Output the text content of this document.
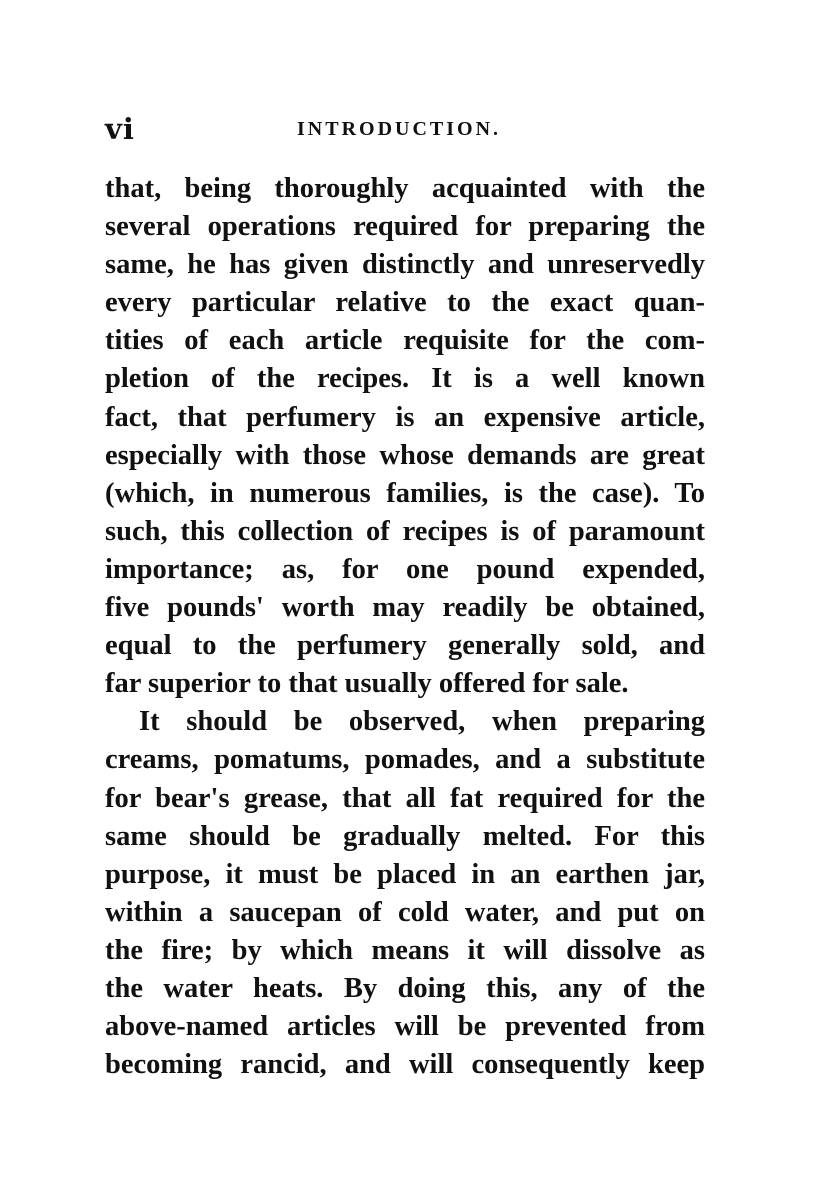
vi	INTRODUCTION.
that, being thoroughly acquainted with the
several operations required for preparing the
same, he has given distinctly and unreservedly
every particular relative to the exact quan-
tities of each article requisite for the com-
pletion of the recipes. It is a well known
fact, that perfumery is an expensive article,
especially with those whose demands are great
(which, in numerous families, is the case). To
such, this collection of recipes is of paramount
importance; as, for one pound expended,
five pounds' worth may readily be obtained,
equal to the perfumery generally sold, and
far superior to that usually offered for sale.
It should be observed, when preparing
creams, pomatums, pomades, and a substitute
for bear's grease, that all fat required for the
same should be gradually melted. For this
purpose, it must be placed in an earthen jar,
within a saucepan of cold water, and put on
the fire; by which means it will dissolve as
the water heats. By doing this, any of the
above-named articles will be prevented from
becoming rancid, and will consequently keep
